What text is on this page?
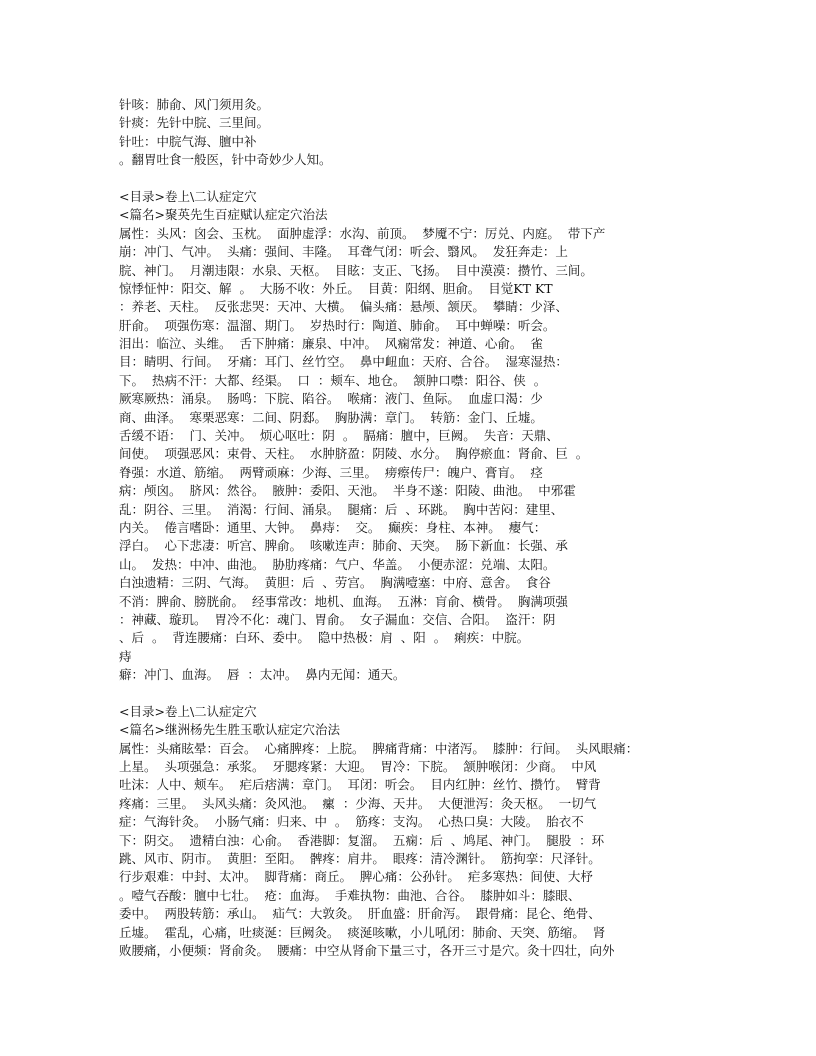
针咳：肺俞、风门须用灸。
针痰：先针中脘、三里间。
针吐：中脘气海、膻中补
。翻胃吐食一般医，针中奇妙少人知。
<目录>卷上\二认症定穴
<篇名>聚英先生百症赋认症定穴治法
属性：头风：囟会、玉枕。  面肿虚浮：水沟、前顶。  梦魇不宁：厉兑、内庭。  带下产
崩：冲门、气冲。  头痛：强间、丰隆。  耳聋气闭：听会、翳风。  发狂奔走：上
脘、神门。  月潮违限：水泉、天枢。  目眩：支正、飞扬。  目中漠漠：攒竹、三间。
惊悸怔忡：阳交、解  。  大肠不收：外丘。  目黄：阳纲、胆俞。  目觉KT KT
：养老、天柱。  反张悲哭：天冲、大横。  偏头痛：悬颅、颔厌。  攀睛：少泽、
肝俞。  项强伤寒：温溜、期门。  岁热时行：陶道、肺俞。  耳中蝉噪：听会。
泪出：临泣、头维。  舌下肿痛：廉泉、中冲。  风痫常发：神道、心俞。  雀
目：睛明、行间。  牙痛：耳门、丝竹空。  鼻中衄血：天府、合谷。  湿寒湿热：
下。  热病不汗：大都、经渠。  口  ：颊车、地仓。  颔肿口噤：阳谷、侠  。
厥寒厥热：涌泉。  肠鸣：下脘、陷谷。  喉痛：液门、鱼际。  血虚口渴：少
商、曲泽。  寒栗恶寒：二间、阴郄。  胸胁满：章门。  转筋：金门、丘墟。
舌缓不语：  门、关冲。  烦心呕吐：阴  。  膈痛：膻中，巨阙。  失音：天鼎、
间使。  项强恶风：束骨、天柱。  水肿脐盈：阴陵、水分。  胸停瘀血：肾俞、巨  。
脊强：水道、筋缩。  两臂顽麻：少海、三里。  痨瘵传尸：魄户、膏肓。  痉
病：颅囟。  脐风：然谷。  腋肿：委阳、天池。  半身不遂：阳陵、曲池。  中邪霍
乱：阴谷、三里。  消渴：行间、涌泉。  腿痛：后  、环跳。  胸中苦闷：建里、
内关。  倦言嗜卧：通里、大钟。  鼻痔：  交。  癫疾：身柱、本神。  瘿气：
浮白。  心下悲凄：听宫、脾俞。  咳嗽连声：肺俞、天突。  肠下新血：长强、承
山。  发热：中冲、曲池。  胁肋疼痛：气户、华盖。  小便赤涩：兑端、太阳。
白浊遗精：三阴、气海。  黄胆：后  、劳宫。  胸满噎塞：中府、意舍。  食谷
不消：脾俞、膀胱俞。  经事常改：地机、血海。  五淋：肓俞、横骨。  胸满项强
：神藏、璇玑。  胃冷不化：魂门、胃俞。  女子漏血：交信、合阳。  盗汗：阴
、后  。  背连腰痛：白环、委中。  隐中热极：肩  、阳  。  痢疾：中脘。
痔
癖：冲门、血海。  唇  ：太冲。  鼻内无闻：通天。
<目录>卷上\二认症定穴
<篇名>继洲杨先生胜玉歌认症定穴治法
属性：头痛眩晕：百会。  心痛脾疼：上脘。  脾痛背痛：中渚泻。  膝肿：行间。  头风眼痛：
上星。  头项强急：承浆。  牙腮疼紧：大迎。  胃冷：下脘。  颔肿喉闭：少商。  中风
吐沫：人中、颊车。  疟后痞满：章门。  耳闭：听会。  目内红肿：丝竹、攒竹。  臂背
疼痛：三里。  头风头痛：灸风池。  瘰  ：少海、天井。  大便泄泻：灸天枢。  一切气
症：气海针灸。  小肠气痛：归来、中  。  筋疼：支沟。  心热口臭：大陵。  胎衣不
下：阴交。  遗精白浊：心俞。  香港脚：复溜。  五痫：后  、鸠尾、神门。  腿股  ：环
跳、风市、阴市。  黄胆：至阳。  髀疼：肩井。  眼疼：清冷渊针。  筋拘挛：尺泽针。
行步艰难：中封、太冲。  脚背痛：商丘。  脾心痛：公孙针。  疟多寒热：间使、大杼
。噎气吞酸：膻中七壮。  疮：血海。  手难执物：曲池、合谷。  膝肿如斗：膝眼、
委中。  两股转筋：承山。  疝气：大敦灸。  肝血盛：肝俞泻。  跟骨痛：昆仑、绝骨、
丘墟。  霍乱，心痛，吐痰涎：巨阙灸。  痰涎咳嗽，小儿吼闭：肺俞、天突、筋缩。  肾
败腰痛，小便频：肾俞灸。  腰痛：中空从肾俞下量三寸，各开三寸是穴。灸十四壮，向外
